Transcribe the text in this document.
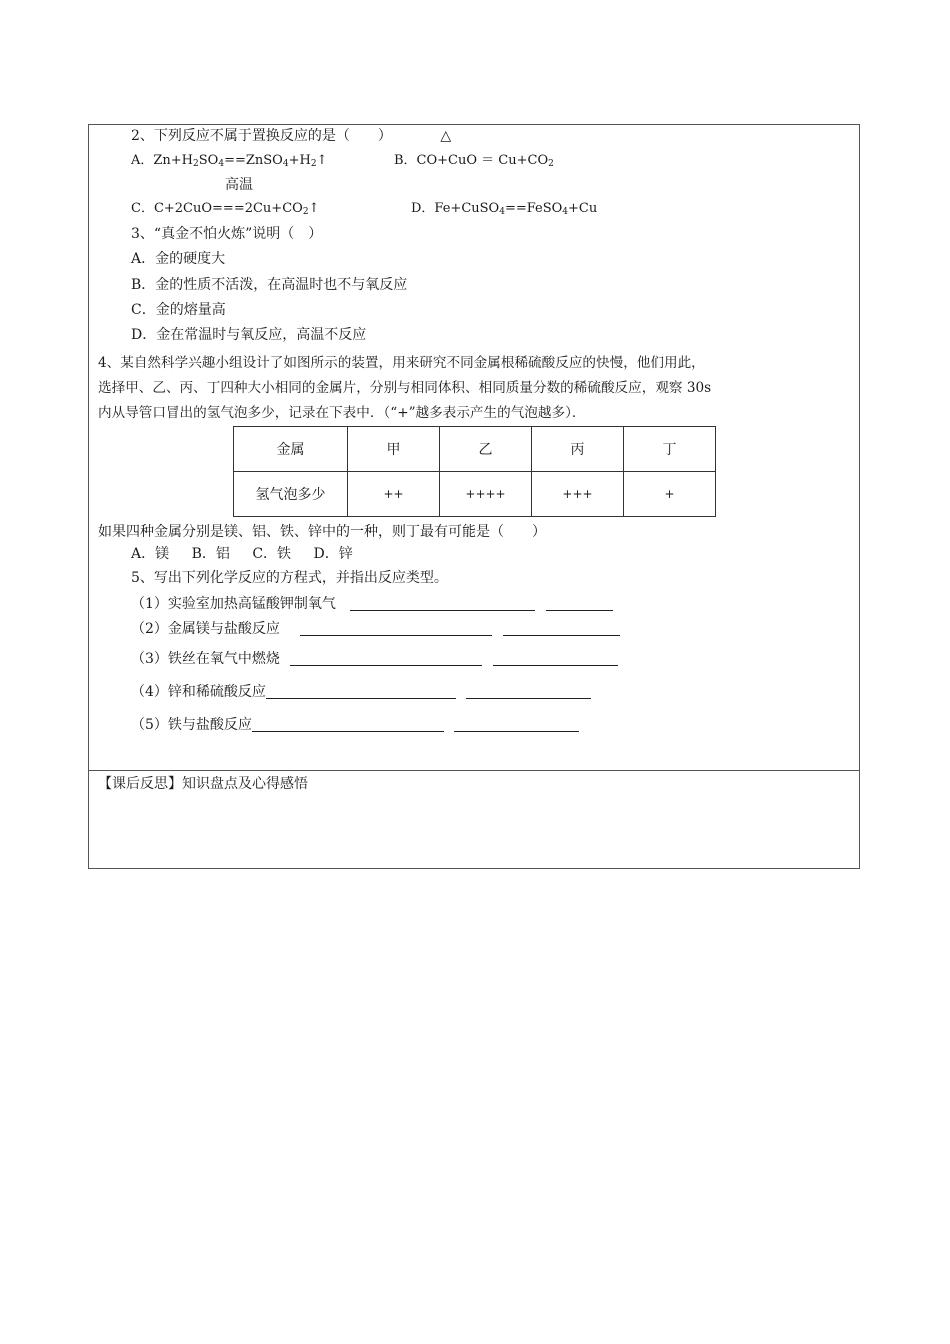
2、下列反应不属于置换反应的是（　　）	△
A．$Zn+H_2SO_4==ZnSO_4+H_2↑$	B．$CO+CuO = Cu+CO_2$
高温
C．$C+2CuO===2Cu+CO_2↑$	D．Fe+CuSO$_4$==FeSO$_4$+Cu
3、“真金不怕火炼”说明（　）
A．金的硬度大
B．金的性质不活泼，在高温时也不与氧反应
C．金的熔量高
D．金在常温时与氧反应，高温不反应
4、某自然科学兴趣小组设计了如图所示的装置，用来研究不同金属根稀硫酸反应的快慢，他们用此，
选择甲、乙、丙、丁四种大小相同的金属片，分别与相同体积、相同质量分数的稀硫酸反应，观察 30s
内从导管口冒出的氢气泡多少，记录在下表中．（“+”越多表示产生的气泡越多）．
金属	甲	乙	丙	丁
氢气泡多少	++	++++	+++	+
如果四种金属分别是镁、铝、铁、锌中的一种，则丁最有可能是（　　）
A．镁 B．铝 C．铁 D．锌
5、写出下列化学反应的方程式，并指出反应类型。
（1）实验室加热高锰酸钾制氧气
（2）金属镁与盐酸反应
（3）铁丝在氧气中燃烧
（4）锌和稀硫酸反应
（5）铁与盐酸反应
【课后反思】知识盘点及心得感悟
